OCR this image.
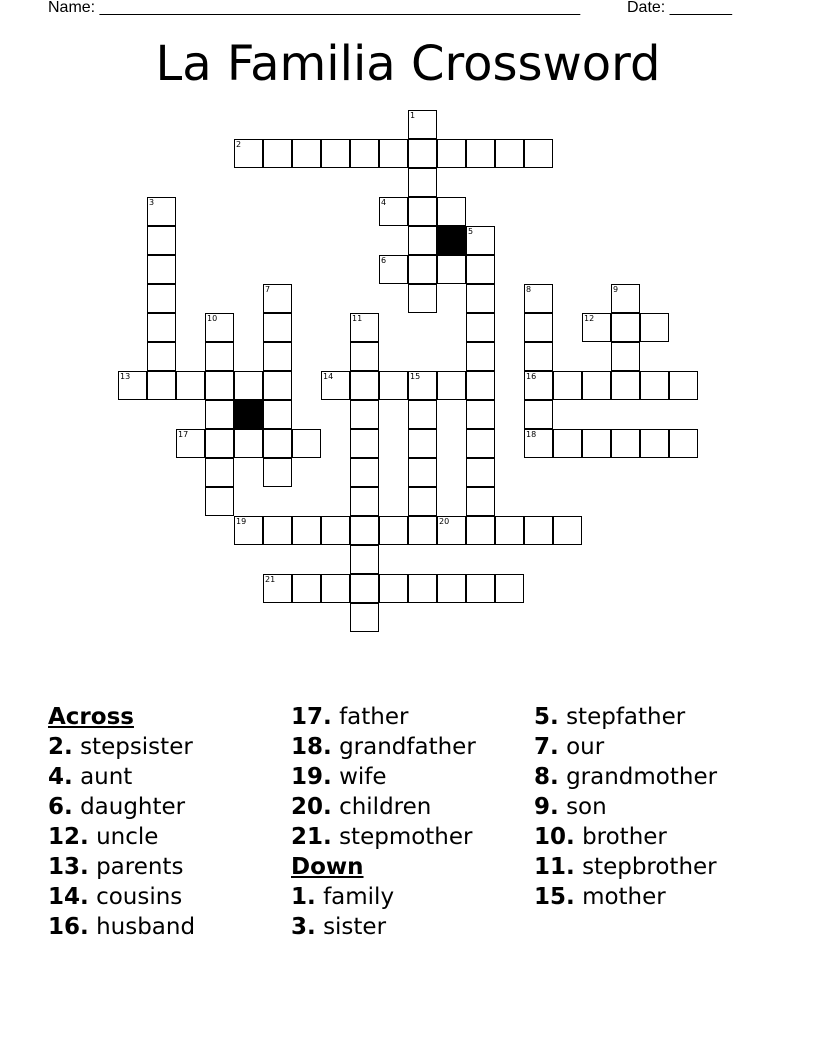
Name: ______________________________________________________	Date: _______
La Familia Crossword
1
2
3	4
5
6
7	8
16
18
9
10	11	12
13	14	15
17
19	20
21
Across
2. stepsister
4. aunt
6. daughter
12. uncle
13. parents
14. cousins
16. husband
17. father
18. grandfather
19. wife
20. children
21. stepmother
Down
1. family
3. sister
5. stepfather
7. our
8. grandmother
9. son
10. brother
11. stepbrother
15. mother
